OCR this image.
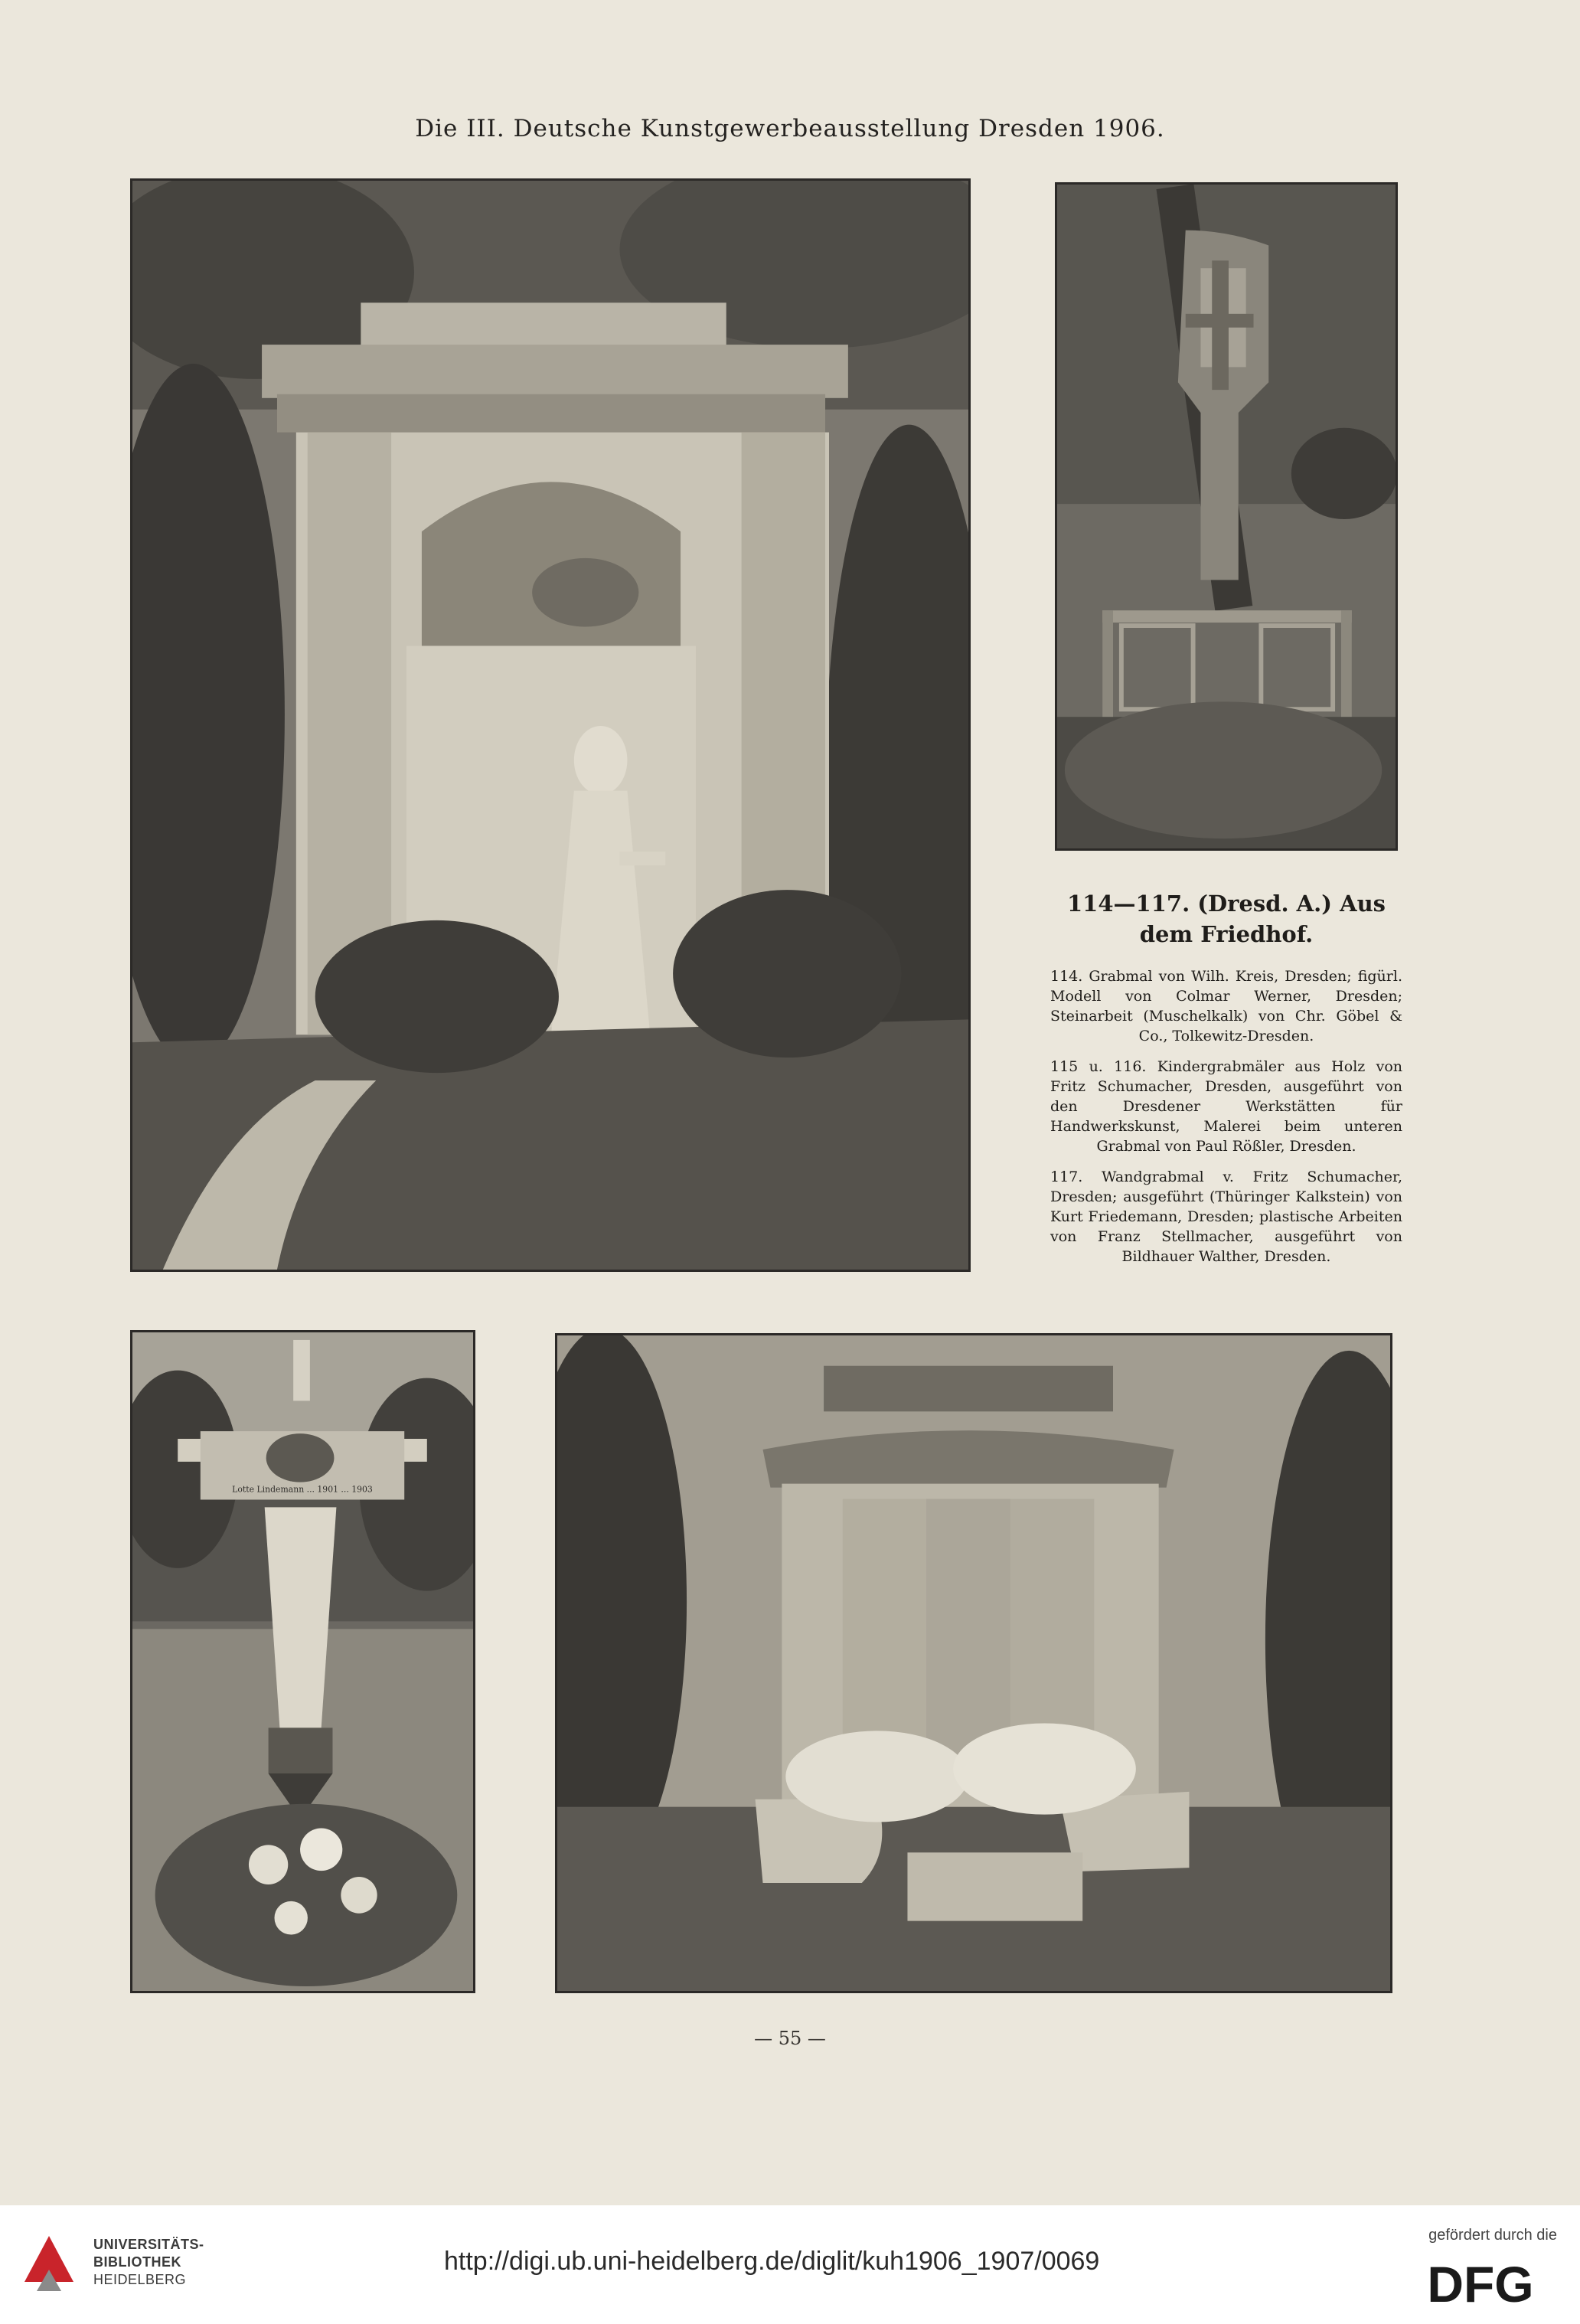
Die III. Deutsche Kunstgewerbeausstellung Dresden 1906.
Lotte Lindemann ... 1901 ... 1903

114—117. (Dresd. A.) Aus dem Friedhof.

114. Grabmal von Wilh. Kreis, Dresden; figürl. Modell von Colmar Werner, Dresden; Steinarbeit (Muschelkalk) von Chr. Göbel & Co., Tolkewitz-Dresden.

115 u. 116. Kindergrabmäler aus Holz von Fritz Schumacher, Dresden, ausgeführt von den Dresdener Werkstätten für Handwerkskunst, Malerei beim unteren Grabmal von Paul Rößler, Dresden.

117. Wandgrabmal v. Fritz Schumacher, Dresden; ausgeführt (Thüringer Kalkstein) von Kurt Friedemann, Dresden; plastische Arbeiten von Franz Stellmacher, ausgeführt von Bildhauer Walther, Dresden.

— 55 —
UNIVERSITÄTS-
BIBLIOTHEK
HEIDELBERG
http://digi.ub.uni-heidelberg.de/diglit/kuh1906_1907/0069
gefördert durch die
DFG
